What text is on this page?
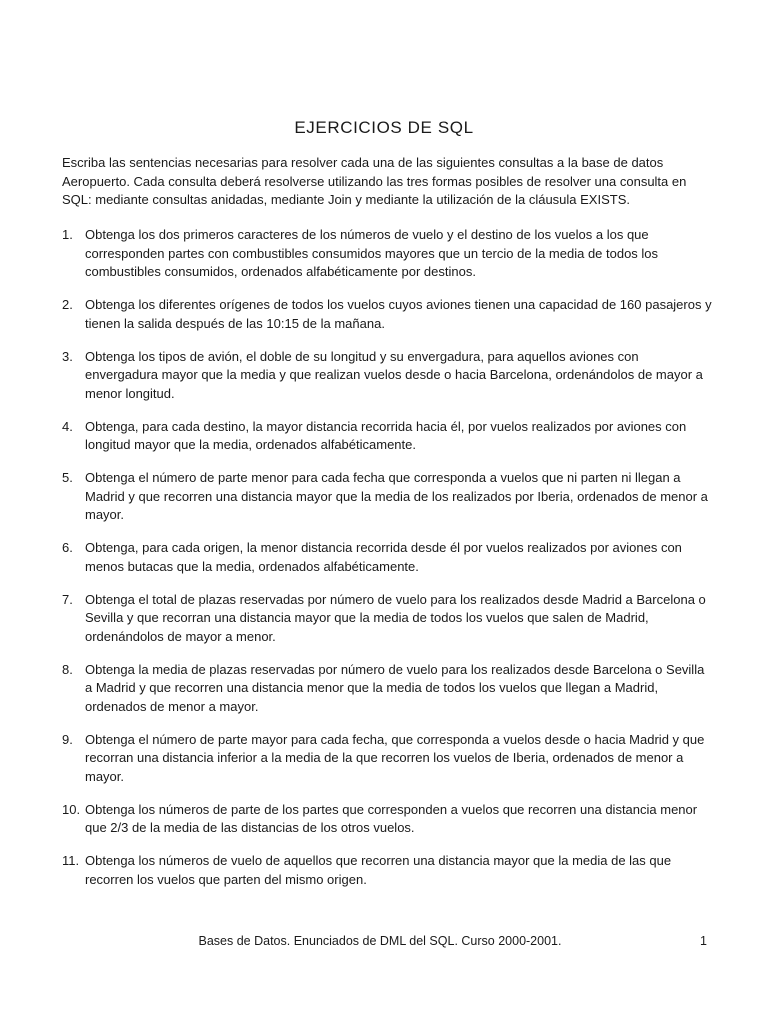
EJERCICIOS DE SQL
Escriba las sentencias necesarias para resolver cada una de las siguientes consultas a la base de datos Aeropuerto. Cada consulta deberá resolverse utilizando las tres formas posibles de resolver una consulta en SQL: mediante consultas anidadas, mediante Join y mediante la utilización de la cláusula EXISTS.
1. Obtenga los dos primeros caracteres de los números de vuelo y el destino de los vuelos a los que corresponden partes con combustibles consumidos mayores que un tercio de la media de todos los combustibles consumidos, ordenados alfabéticamente por destinos.
2. Obtenga los diferentes orígenes de todos los vuelos cuyos aviones tienen una capacidad de 160 pasajeros y tienen la salida después de las 10:15 de la mañana.
3. Obtenga los tipos de avión, el doble de su longitud y su envergadura, para aquellos aviones con envergadura mayor que la media y que realizan vuelos desde o hacia Barcelona, ordenándolos de mayor a menor longitud.
4. Obtenga, para cada destino, la mayor distancia recorrida hacia él, por vuelos realizados por aviones con longitud mayor que la media, ordenados alfabéticamente.
5. Obtenga el número de parte menor para cada fecha que corresponda a vuelos que ni parten ni llegan a Madrid y que recorren una distancia mayor que la media de los realizados por Iberia, ordenados de menor a mayor.
6. Obtenga, para cada origen, la menor distancia recorrida desde él por vuelos realizados por aviones con menos butacas que la media, ordenados alfabéticamente.
7. Obtenga el total de plazas reservadas por número de vuelo para los realizados desde Madrid a Barcelona o Sevilla y que recorran una distancia mayor que la media de todos los vuelos que salen de Madrid, ordenándolos de mayor a menor.
8. Obtenga la media de plazas reservadas por número de vuelo para los realizados desde Barcelona o Sevilla a Madrid y que recorren una distancia menor que la media de todos los vuelos que llegan a Madrid, ordenados de menor a mayor.
9. Obtenga el número de parte mayor para cada fecha, que corresponda a vuelos desde o hacia Madrid y que recorran una distancia inferior a la media de la que recorren los vuelos de Iberia, ordenados de menor a mayor.
10. Obtenga los números de parte de los partes que corresponden a vuelos que recorren una distancia menor que 2/3 de la media de las distancias de los otros vuelos.
11. Obtenga los números de vuelo de aquellos que recorren una distancia mayor que la media de las que recorren los vuelos que parten del mismo origen.
Bases de Datos. Enunciados de DML del SQL. Curso 2000-2001.	1
